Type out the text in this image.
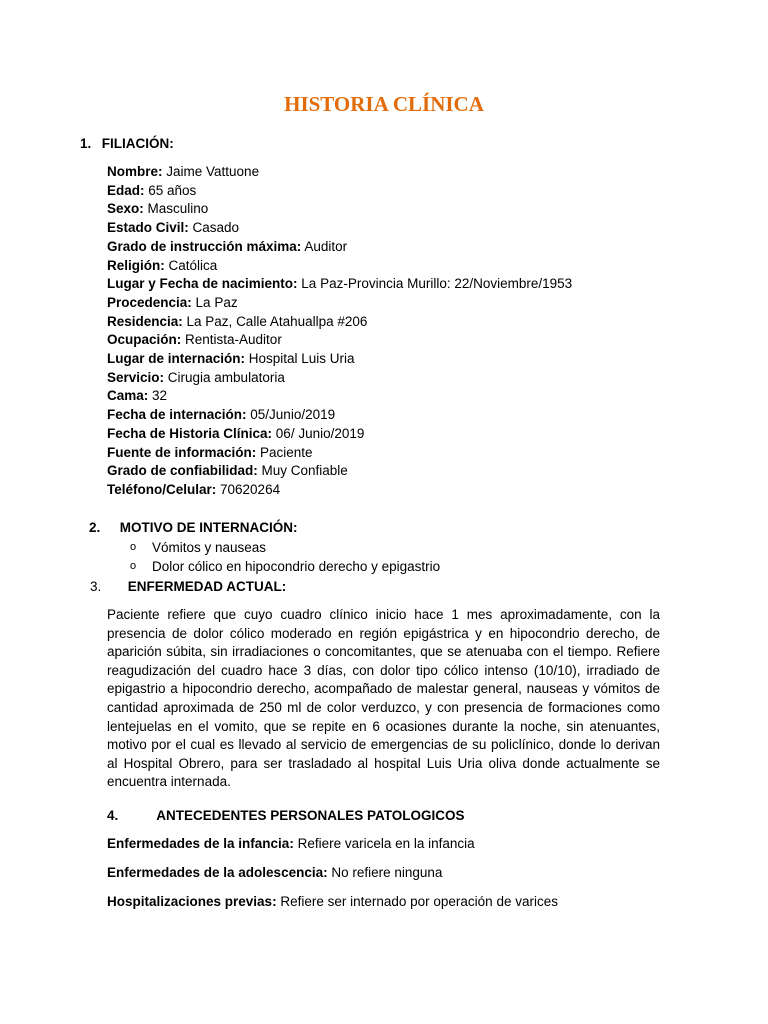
HISTORIA CLÍNICA

1. FILIACIÓN:

Nombre: Jaime Vattuone
Edad: 65 años
Sexo: Masculino
Estado Civil: Casado
Grado de instrucción máxima: Auditor
Religión: Católica
Lugar y Fecha de nacimiento: La Paz-Provincia Murillo: 22/Noviembre/1953
Procedencia: La Paz
Residencia: La Paz, Calle Atahuallpa #206
Ocupación: Rentista-Auditor
Lugar de internación: Hospital Luis Uria
Servicio: Cirugia ambulatoria
Cama: 32
Fecha de internación: 05/Junio/2019
Fecha de Historia Clínica: 06/ Junio/2019
Fuente de información: Paciente
Grado de confiabilidad: Muy Confiable
Teléfono/Celular: 70620264

2. MOTIVO DE INTERNACIÓN:

o Vómitos y nauseas
o Dolor cólico en hipocondrio derecho y epigastrio

3. ENFERMEDAD ACTUAL:

Paciente refiere que cuyo cuadro clínico inicio hace 1 mes aproximadamente, con la presencia de dolor cólico moderado en región epigástrica y en hipocondrio derecho, de aparición súbita, sin irradiaciones o concomitantes, que se atenuaba con el tiempo. Refiere reagudización del cuadro hace 3 días, con dolor tipo cólico intenso (10/10), irradiado de epigastrio a hipocondrio derecho, acompañado de malestar general, nauseas y vómitos de cantidad aproximada de 250 ml de color verduzco, y con presencia de formaciones como lentejuelas en el vomito, que se repite en 6 ocasiones durante la noche, sin atenuantes, motivo por el cual es llevado al servicio de emergencias de su policlínico, donde lo derivan al Hospital Obrero, para ser trasladado al hospital Luis Uria oliva donde actualmente se encuentra internada.

4.	ANTECEDENTES PERSONALES PATOLOGICOS

Enfermedades de la infancia: Refiere varicela en la infancia

Enfermedades de la adolescencia: No refiere ninguna

Hospitalizaciones previas: Refiere ser internado por operación de varices
